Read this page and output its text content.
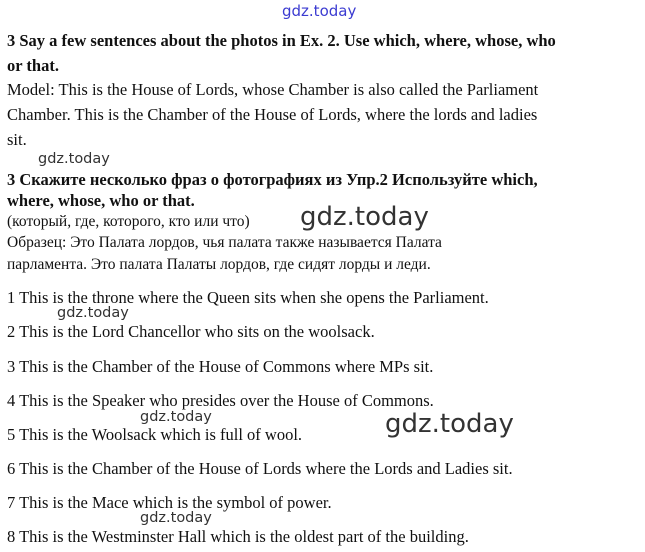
3 Say a few sentences about the photos in Ex. 2. Use which, where, whose, who
or that.
Model: This is the House of Lords, whose Chamber is also called the Parliament
Chamber. This is the Chamber of the House of Lords, where the lords and ladies
sit.
3 Скажите несколько фраз о фотографиях из Упр.2 Используйте which,
where, whose, who or that.
(который, где, которого, кто или что)
Образец: Это Палата лордов, чья палата также называется Палата
парламента. Это палата Палаты лордов, где сидят лорды и леди.
1 This is the throne where the Queen sits when she opens the Parliament.
2 This is the Lord Chancellor who sits on the woolsack.
3 This is the Chamber of the House of Commons where MPs sit.
4 This is the Speaker who presides over the House of Commons.
5 This is the Woolsack which is full of wool.
6 This is the Chamber of the House of Lords where the Lords and Ladies sit.
7 This is the Mace which is the symbol of power.
8 This is the Westminster Hall which is the oldest part of the building.
gdz.today
gdz.today
gdz.today
gdz.today
gdz.today	gdz.today
gdz.today
